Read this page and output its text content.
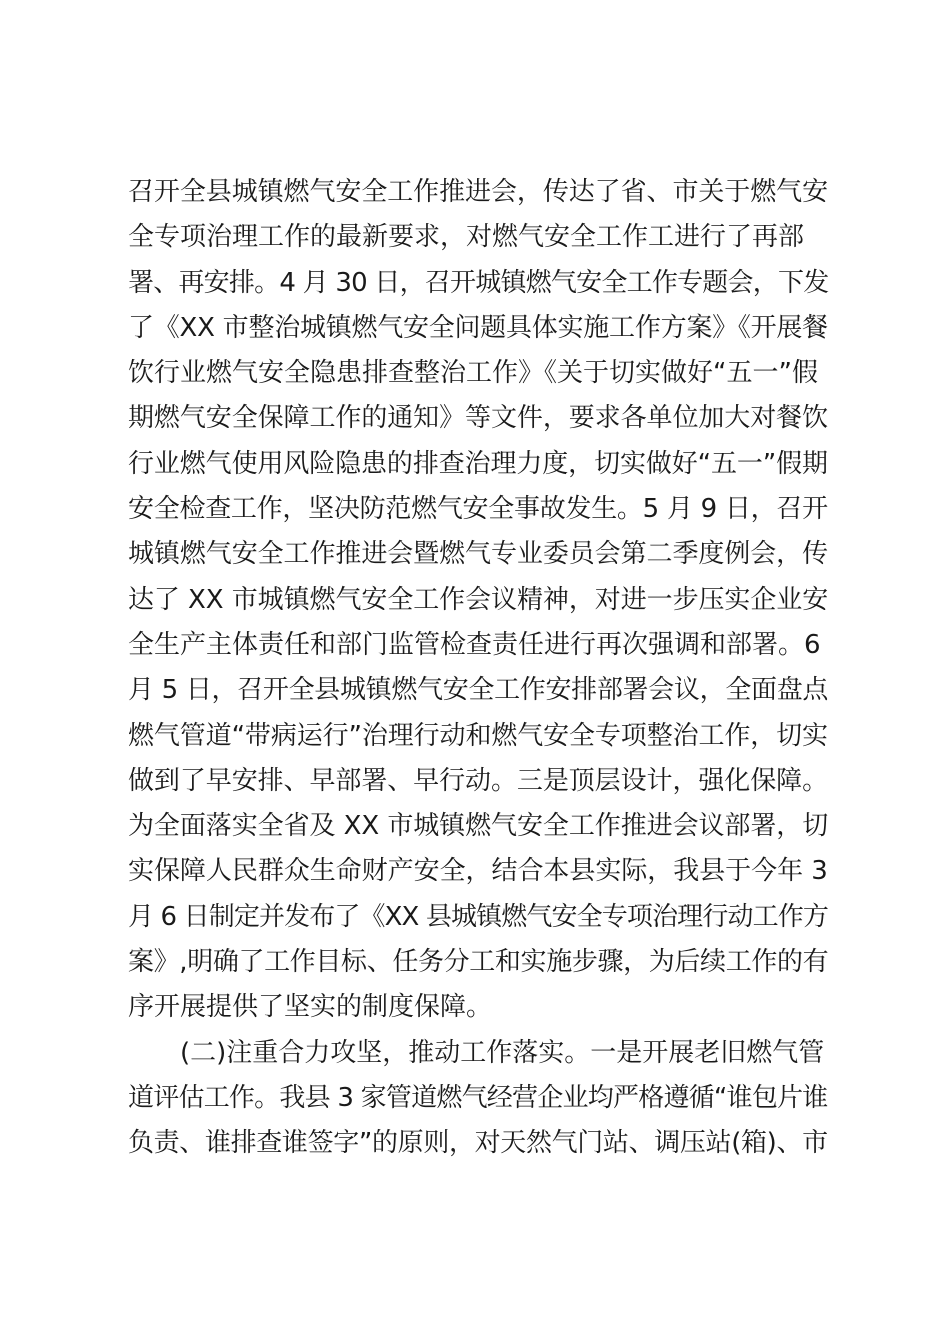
召开全县城镇燃气安全工作推进会，传达了省、市关于燃气安
全专项治理工作的最新要求，对燃气安全工作工进行了再部
署、再安排。4 月 30 日，召开城镇燃气安全工作专题会，下发
了《XX 市整治城镇燃气安全问题具体实施工作方案》《开展餐
饮行业燃气安全隐患排查整治工作》《关于切实做好“五一”假
期燃气安全保障工作的通知》等文件，要求各单位加大对餐饮
行业燃气使用风险隐患的排查治理力度，切实做好“五一”假期
安全检查工作，坚决防范燃气安全事故发生。5 月 9 日，召开
城镇燃气安全工作推进会暨燃气专业委员会第二季度例会，传
达了 XX 市城镇燃气安全工作会议精神，对进一步压实企业安
全生产主体责任和部门监管检查责任进行再次强调和部署。6
月 5 日，召开全县城镇燃气安全工作安排部署会议，全面盘点
燃气管道“带病运行”治理行动和燃气安全专项整治工作，切实
做到了早安排、早部署、早行动。三是顶层设计，强化保障。
为全面落实全省及 XX 市城镇燃气安全工作推进会议部署，切
实保障人民群众生命财产安全，结合本县实际，我县于今年 3
月 6 日制定并发布了《XX 县城镇燃气安全专项治理行动工作方
案》,明确了工作目标、任务分工和实施步骤，为后续工作的有
序开展提供了坚实的制度保障。
(二)注重合力攻坚，推动工作落实。一是开展老旧燃气管
道评估工作。我县 3 家管道燃气经营企业均严格遵循“谁包片谁
负责、谁排查谁签字”的原则，对天然气门站、调压站(箱)、市
